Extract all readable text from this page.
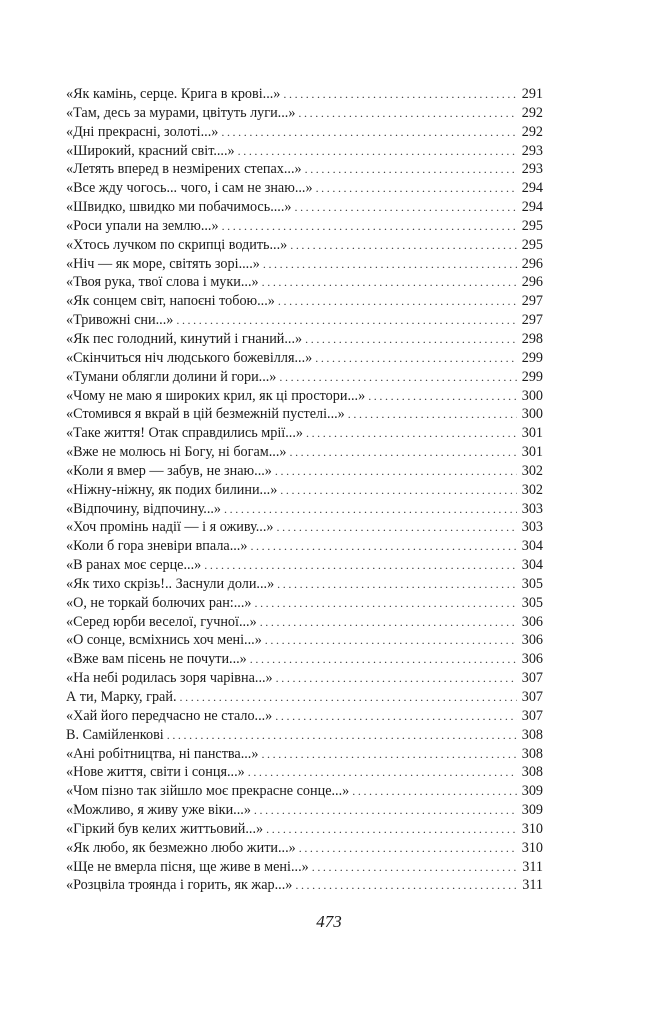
«Як камінь, серце. Крига в крові...» .....	291
«Там, десь за мурами, цвітуть луги...» .....	292
«Дні прекрасні, золоті...» .....	292
«Широкий, красний світ....» .....	293
«Летять вперед в незмірених степах...» .....	293
«Все жду чогось... чого, і сам не знаю...» .....	294
«Швидко, швидко ми побачимось....» .....	294
«Роси упали на землю...» .....	295
«Хтось лучком по скрипці водить...» .....	295
«Ніч — як море, світять зорі....» .....	296
«Твоя рука, твої слова і муки...» .....	296
«Як сонцем світ, напоєні тобою...» .....	297
«Тривожні сни...» .....	297
«Як пес голодний, кинутий і гнаний...» .....	298
«Скінчиться ніч людського божевілля...» .....	299
«Тумани облягли долини й гори...» .....	299
«Чому не маю я широких крил, як ці простори...» .....	300
«Стомився я вкрай в цій безмежній пустелі...» .....	300
«Таке життя! Отак справдились мрії...» .....	301
«Вже не молюсь ні Богу, ні богам...» .....	301
«Коли я вмер — забув, не знаю...» .....	302
«Ніжну-ніжну, як подих билини...» .....	302
«Відпочину, відпочину...» .....	303
«Хоч промінь надії — і я оживу...» .....	303
«Коли б гора зневіри впала...» .....	304
«В ранах моє серце...» .....	304
«Як тихо скрізь!.. Заснули доли...» .....	305
«О, не торкай болючих ран:...» .....	305
«Серед юрби веселої, гучної...» .....	306
«О сонце, всміхнись хоч мені...» .....	306
«Вже вам пісень не почути...» .....	306
«На небі родилась зоря чарівна...» .....	307
А ти, Марку, грай. .....	307
«Хай його передчасно не стало...» .....	307
В. Самійленкові .....	308
«Ані робітництва, ні панства...» .....	308
«Нове життя, світи і сонця...» .....	308
«Чом пізно так зійшло моє прекрасне сонце...» .....	309
«Можливо, я живу уже віки...» .....	309
«Гіркий був келих життьовий...» .....	310
«Як любо, як безмежно любо жити...» .....	310
«Ще не вмерла пісня, ще живе в мені...» .....	311
«Розцвіла троянда і горить, як жар...» .....	311
473
